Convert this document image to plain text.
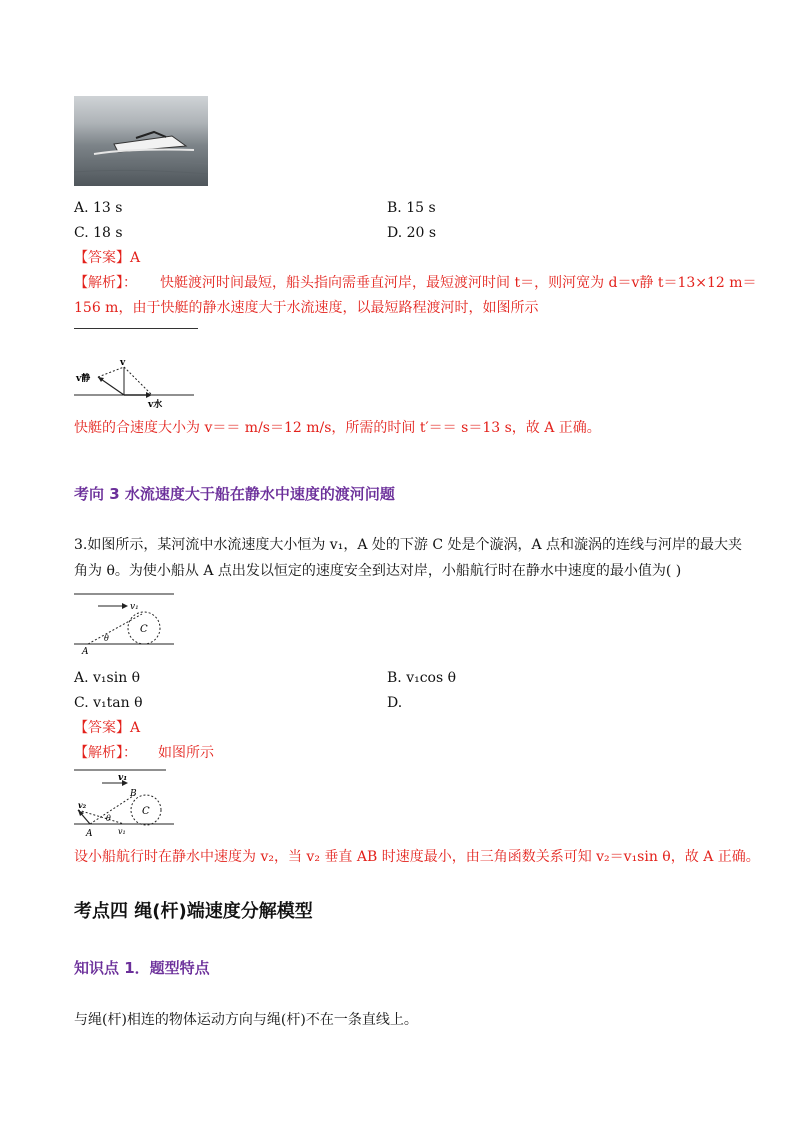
A. 13 s	B. 15 s
C. 18 s	D. 20 s
【答案】A
【解析】： 快艇渡河时间最短，船头指向需垂直河岸，最短渡河时间 t＝，则河宽为 d＝v静 t＝13×12 m＝
156 m，由于快艇的静水速度大于水流速度，以最短路程渡河时，如图所示
v静
v
v水
快艇的合速度大小为 v＝＝ m/s＝12 m/s，所需的时间 t′＝＝ s＝13 s，故 A 正确。
考向 3 水流速度大于船在静水中速度的渡河问题
3.如图所示，某河流中水流速度大小恒为 v₁，A 处的下游 C 处是个漩涡，A 点和漩涡的连线与河岸的最大夹
角为 θ。为使小船从 A 点出发以恒定的速度安全到达对岸，小船航行时在静水中速度的最小值为( )
v₁
C
θ
A
A. v₁sin θ	B. v₁cos θ
C. v₁tan θ	D.
【答案】A
【解析】： 如图所示
v₁
B
C
v₂
θ
A	v₁
设小船航行时在静水中速度为 v₂，当 v₂ 垂直 AB 时速度最小，由三角函数关系可知 v₂＝v₁sin θ，故 A 正确。
考点四 绳(杆)端速度分解模型
知识点 1．题型特点
与绳(杆)相连的物体运动方向与绳(杆)不在一条直线上。
